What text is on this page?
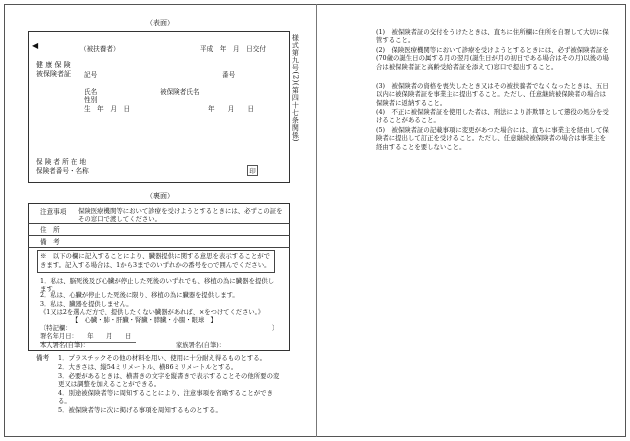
（表面）
◀	（被扶養者）	平成　年　月　日交付
健 康 保 険
被保険者証 記号	番号
氏名	被保険者氏名
性別
生　年　月　日	年　　月　　日
保 険 者 所 在 地
保険者番号・名称	印
様式第九号(2)(第四十七条関係)
（裏面）
注意事項 保険医療機関等において診療を受けようとするときには、必ずこの証をその窓口で渡してください。
住　所
備　考
※　以下の欄に記入することにより、臓器提供に関する意思を表示することができます。記入する場合は、1から3までのいずれかの番号を○で囲んでください。
1．私は、脳死後及び心臓が停止した死後のいずれでも、移植の為に臓器を提供します。
2．私は、心臓が停止した死後に限り、移植の為に臓器を提供します。
3．私は、臓器を提供しません。
《1又は2を選んだ方で、提供したくない臓器があれば、×をつけてください。》
【　心臓・肺・肝臓・腎臓・膵臓・小腸・眼球　】
〔特記欄：	〕
署名年月日：　　年　　月　　日
本人署名(自筆)：	家族署名(自筆)：
備考 1．プラスチックその他の材料を用い、使用に十分耐え得るものとする。
2．大きさは、縦54ミリメートル、横86ミリメートルとする。
3．必要があるときは、横書きの文字を縦書きで表示することその他所要の変更又は調整を加えることができる。
4．別途被保険者等に周知することにより、注意事項を省略することができる。
5．被保険者等に次に掲げる事項を周知するものとする。
(1)　被保険者証の交付をうけたときは、直ちに住所欄に住所を自署して大切に保管すること。
(2)　保険医療機関等において診療を受けようとするときには、必ず被保険者証を(70歳の誕生日の属する月の翌月(誕生日が月の初日である場合はその月)以後の場合は被保険者証と高齢受給者証を添えて)窓口で提出すること。
(3)　被保険者の資格を喪失したとき又はその被扶養者でなくなったときは、五日以内に被保険者証を事業主に提出すること。ただし、任意継続被保険者の場合は保険者に返納すること。
(4)　不正に被保険者証を使用した者は、刑法により詐欺罪として懲役の処分を受けることがあること。
(5)　被保険者証の記載事項に変更があつた場合には、直ちに事業主を経由して保険者に提出して訂正を受けること。ただし、任意継続被保険者の場合は事業主を経由することを要しないこと。
